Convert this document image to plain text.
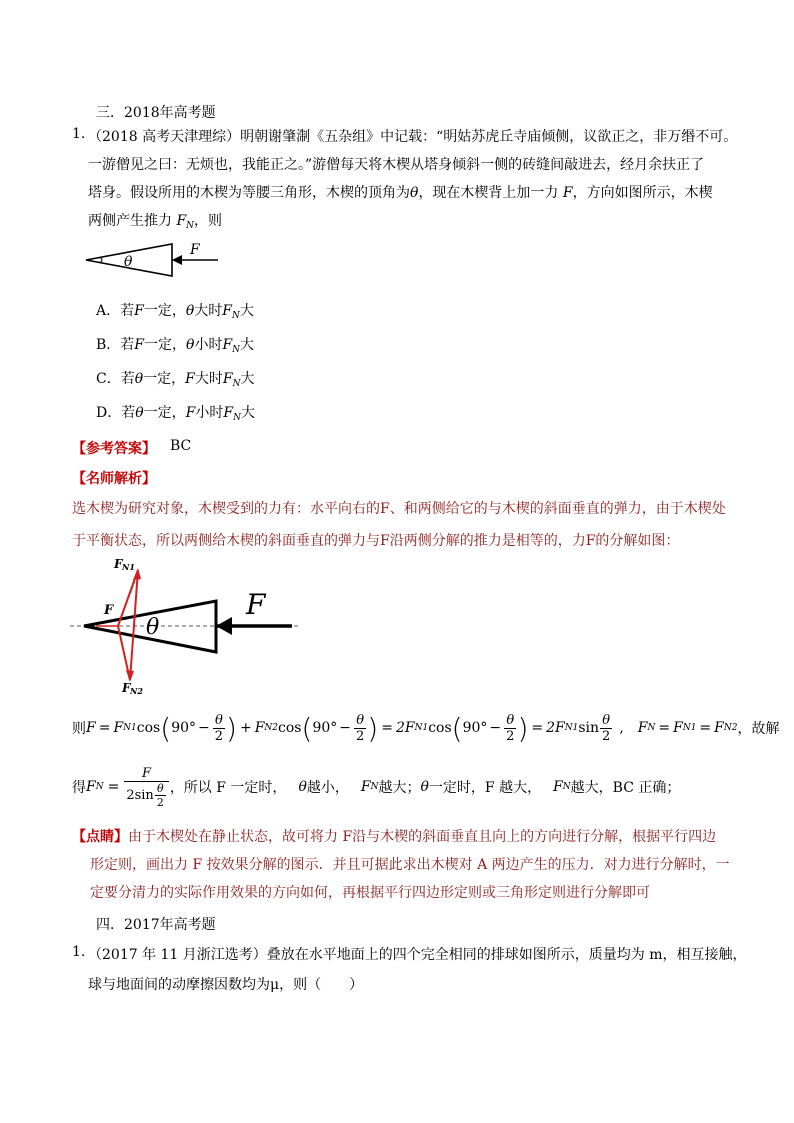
三．2018年高考题
1. （2018 高考天津理综）明朝谢肇淛《五杂组》中记载：“明姑苏虎丘寺庙倾侧，议欲正之，非万缗不可。
一游僧见之曰：无烦也，我能正之。”游僧每天将木楔从塔身倾斜一侧的砖缝间敲进去，经月余扶正了
塔身。假设所用的木楔为等腰三角形，木楔的顶角为θ，现在木楔背上加一力 F，方向如图所示，木楔
两侧产生推力 $F_N$，则
θ
F
A．若F一定，θ大时$F_N$大
B．若F一定，θ小时$F_N$大
C．若θ一定，F大时$F_N$大
D．若θ一定，F小时$F_N$大
【参考答案】 BC
【名师解析】
选木楔为研究对象，木楔受到的力有：水平向右的F、和两侧给它的与木楔的斜面垂直的弹力，由于木楔处
于平衡状态，所以两侧给木楔的斜面垂直的弹力与F沿两侧分解的推力是相等的，力F的分解如图：
F N1
F N2
F
θ
F
则 F = F N1 cos ( $90^\circ - \frac{\theta}{2}$ ) + F N2 cos ( $90^\circ - \frac{\theta}{2}$ ) = 2F N1 cos ( $90^\circ - \frac{\theta}{2}$ ) = 2F N1 $\sin \frac{\theta}{2}$ , F N = F N1 = F N2 ，故解
得 F $N = \frac{F}{2\sin \frac{\theta}{2}}$ ，所以 F 一定时， θ 越小， F N 越大； θ 一定时，F 越大， F N 越大，BC 正确；
【点睛】由于木楔处在静止状态，故可将力 F沿与木楔的斜面垂直且向上的方向进行分解，根据平行四边
形定则，画出力 F 按效果分解的图示．并且可据此求出木楔对 A 两边产生的压力．对力进行分解时，一
定要分清力的实际作用效果的方向如何，再根据平行四边形定则或三角形定则进行分解即可
四．2017年高考题
1. （2017 年 11 月浙江选考）叠放在水平地面上的四个完全相同的排球如图所示，质量均为 m，相互接触，
球与地面间的动摩擦因数均为μ，则（　　）
